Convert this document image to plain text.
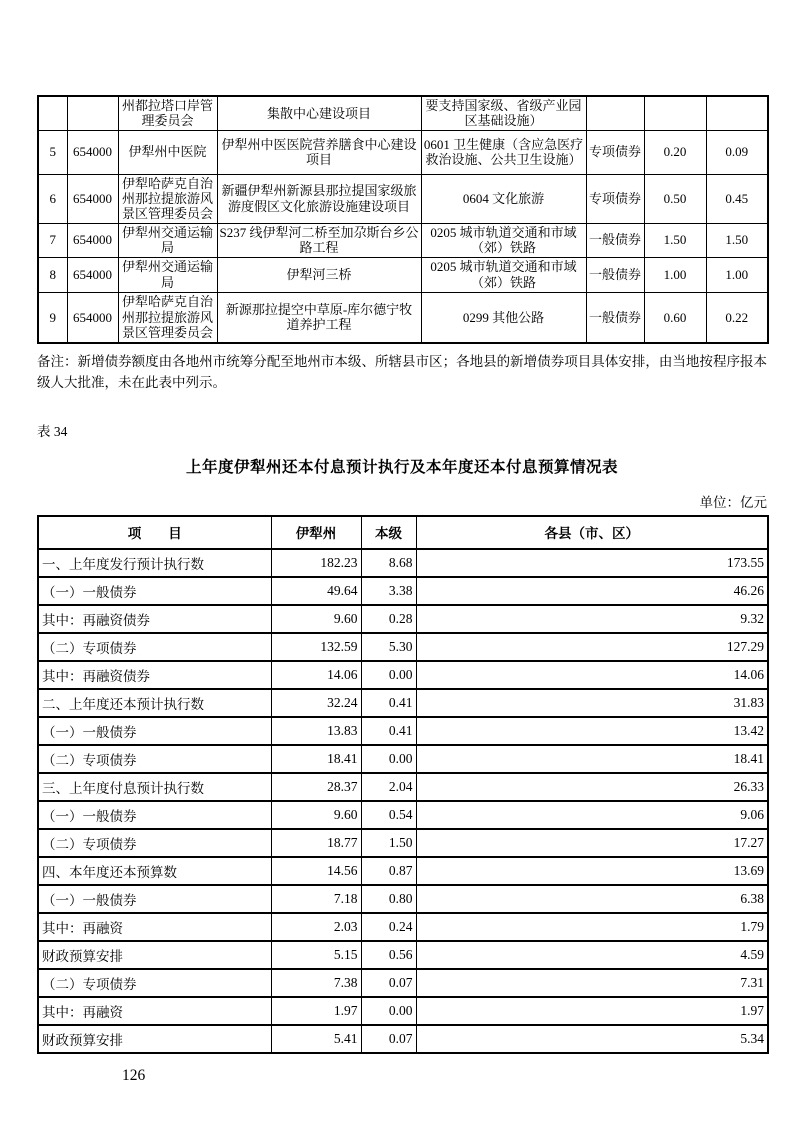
		州都拉塔口岸管理委员会	集散中心建设项目	要支持国家级、省级产业园区基础设施）			
5	654000	伊犁州中医院	伊犁州中医医院营养膳食中心建设项目	0601 卫生健康（含应急医疗救治设施、公共卫生设施）	专项债券	0.20	0.09
6	654000	伊犁哈萨克自治州那拉提旅游风景区管理委员会	新疆伊犁州新源县那拉提国家级旅游度假区文化旅游设施建设项目	0604 文化旅游	专项债券	0.50	0.45
7	654000	伊犁州交通运输局	S237 线伊犁河二桥至加尕斯台乡公路工程	0205 城市轨道交通和市域（郊）铁路	一般债券	1.50	1.50
8	654000	伊犁州交通运输局	伊犁河三桥	0205 城市轨道交通和市域（郊）铁路	一般债券	1.00	1.00
9	654000	伊犁哈萨克自治州那拉提旅游风景区管理委员会	新源那拉提空中草原-库尔德宁牧道养护工程	0299 其他公路	一般债券	0.60	0.22
备注：新增债券额度由各地州市统筹分配至地州市本级、所辖县市区；各地县的新增债券项目具体安排，由当地按程序报本级人大批准，未在此表中列示。
表 34
上年度伊犁州还本付息预计执行及本年度还本付息预算情况表
单位：亿元
项　　目	伊犁州	本级	各县（市、区）
一、上年度发行预计执行数	182.23	8.68	173.55
（一）一般债券	49.64	3.38	46.26
其中：再融资债券	9.60	0.28	9.32
（二）专项债券	132.59	5.30	127.29
其中：再融资债券	14.06	0.00	14.06
二、上年度还本预计执行数	32.24	0.41	31.83
（一）一般债券	13.83	0.41	13.42
（二）专项债券	18.41	0.00	18.41
三、上年度付息预计执行数	28.37	2.04	26.33
（一）一般债券	9.60	0.54	9.06
（二）专项债券	18.77	1.50	17.27
四、本年度还本预算数	14.56	0.87	13.69
（一）一般债券	7.18	0.80	6.38
其中：再融资	2.03	0.24	1.79
财政预算安排	5.15	0.56	4.59
（二）专项债券	7.38	0.07	7.31
其中：再融资	1.97	0.00	1.97
财政预算安排	5.41	0.07	5.34
126
